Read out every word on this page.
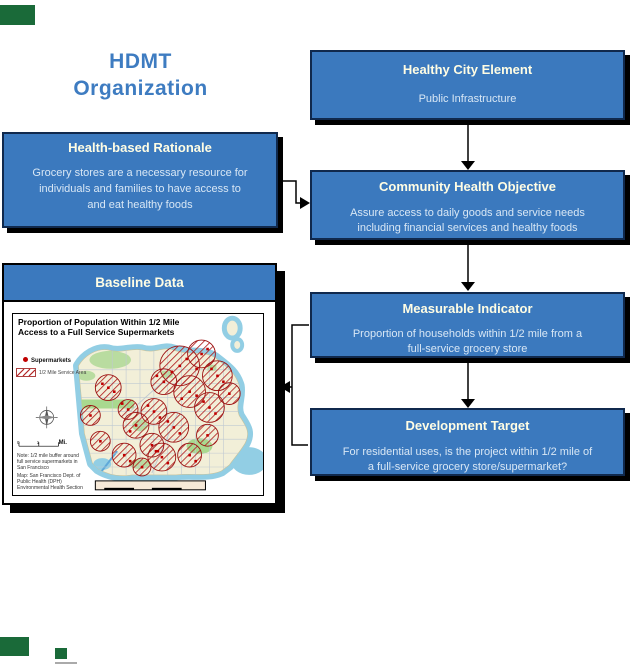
HDMT
Organization
Healthy City Element
Public Infrastructure
Health-based Rationale
Grocery stores are a necessary resource for
individuals and families to have access to
and eat healthy foods
Community Health Objective
Assure access to daily goods and service needs
including financial services and healthy foods
Measurable Indicator
Proportion of households within 1/2 mile from a
full-service grocery store
Development Target
For residential uses, is the project within 1/2 mile of
a full-service grocery store/supermarket?
Baseline Data
Proportion of Population Within 1/2 Mile
Access to a Full Service Supermarkets
Supermarkets
1/2 Mile Service Area
0	1	Mi.
Note: 1/2 mile buffer around
full service supermarkets in
San Francisco
Map: San Francisco Dept. of
Public Health (DPH)
Environmental Health Section
